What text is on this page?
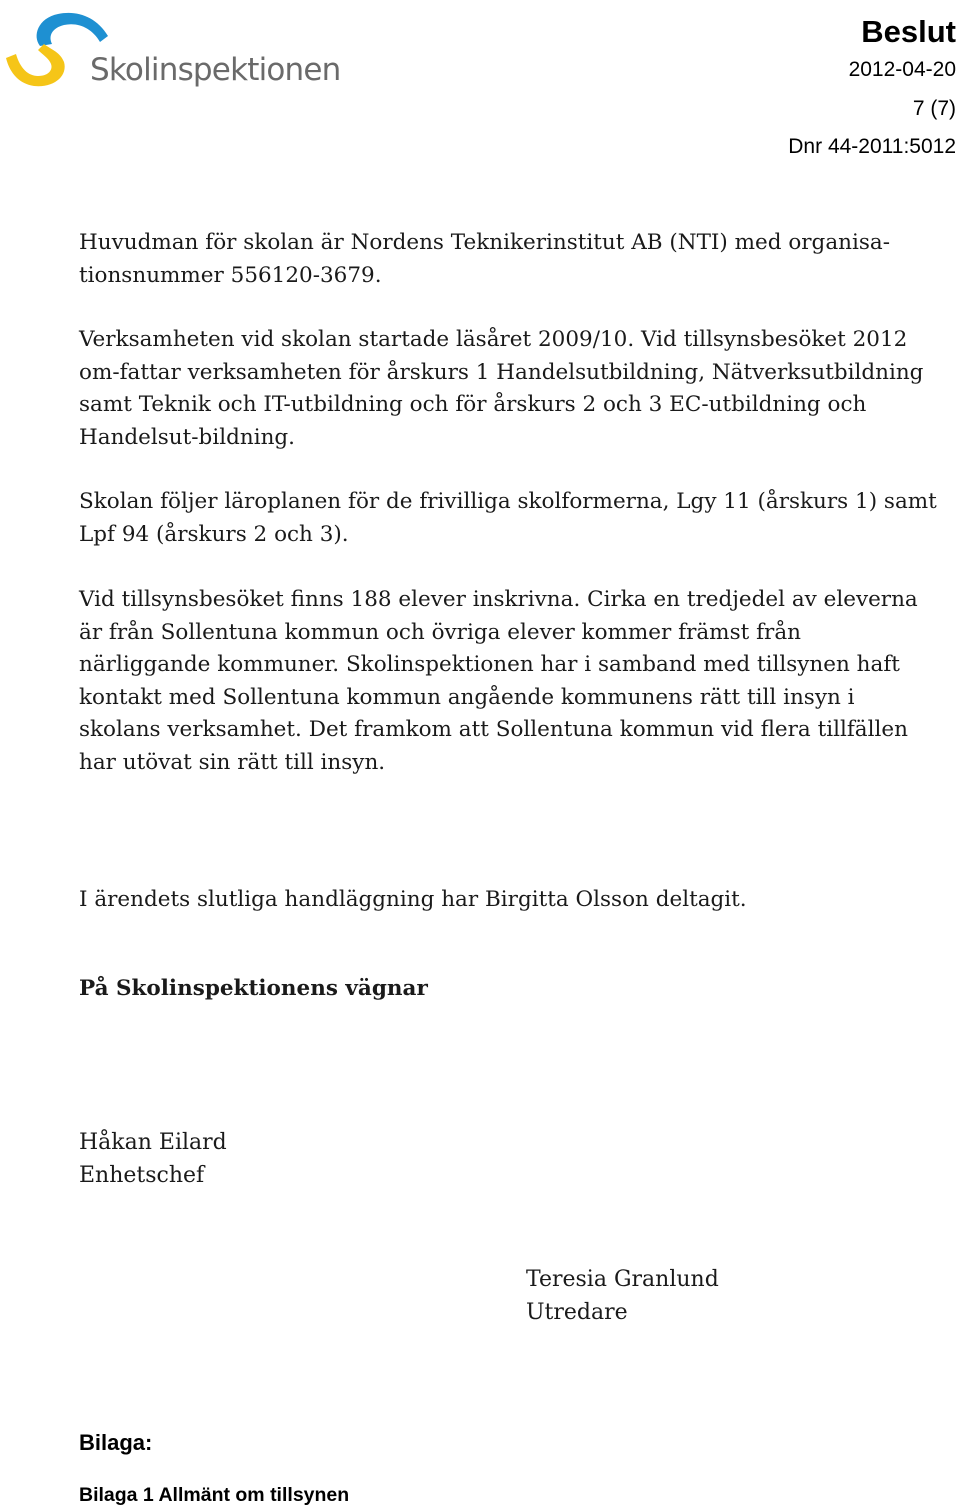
Skolinspektionen
Beslut
2012-04-20
7 (7)
Dnr 44-2011:5012

Huvudman för skolan är Nordens Teknikerinstitut AB (NTI) med organisa-tionsnummer 556120-3679.

Verksamheten vid skolan startade läsåret 2009/10. Vid tillsynsbesöket 2012 om-fattar verksamheten för årskurs 1 Handelsutbildning, Nätverksutbildning samt Teknik och IT-utbildning och för årskurs 2 och 3 EC-utbildning och Handelsut-bildning.

Skolan följer läroplanen för de frivilliga skolformerna, Lgy 11 (årskurs 1) samt Lpf 94 (årskurs 2 och 3).

Vid tillsynsbesöket finns 188 elever inskrivna. Cirka en tredjedel av eleverna är från Sollentuna kommun och övriga elever kommer främst från närliggande kommuner. Skolinspektionen har i samband med tillsynen haft kontakt med Sollentuna kommun angående kommunens rätt till insyn i skolans verksamhet. Det framkom att Sollentuna kommun vid flera tillfällen har utövat sin rätt till insyn.

I ärendets slutliga handläggning har Birgitta Olsson deltagit.

På Skolinspektionens vägnar
Håkan Eilard
Enhetschef
Teresia Granlund
Utredare
Bilaga:
Bilaga 1 Allmänt om tillsynen
